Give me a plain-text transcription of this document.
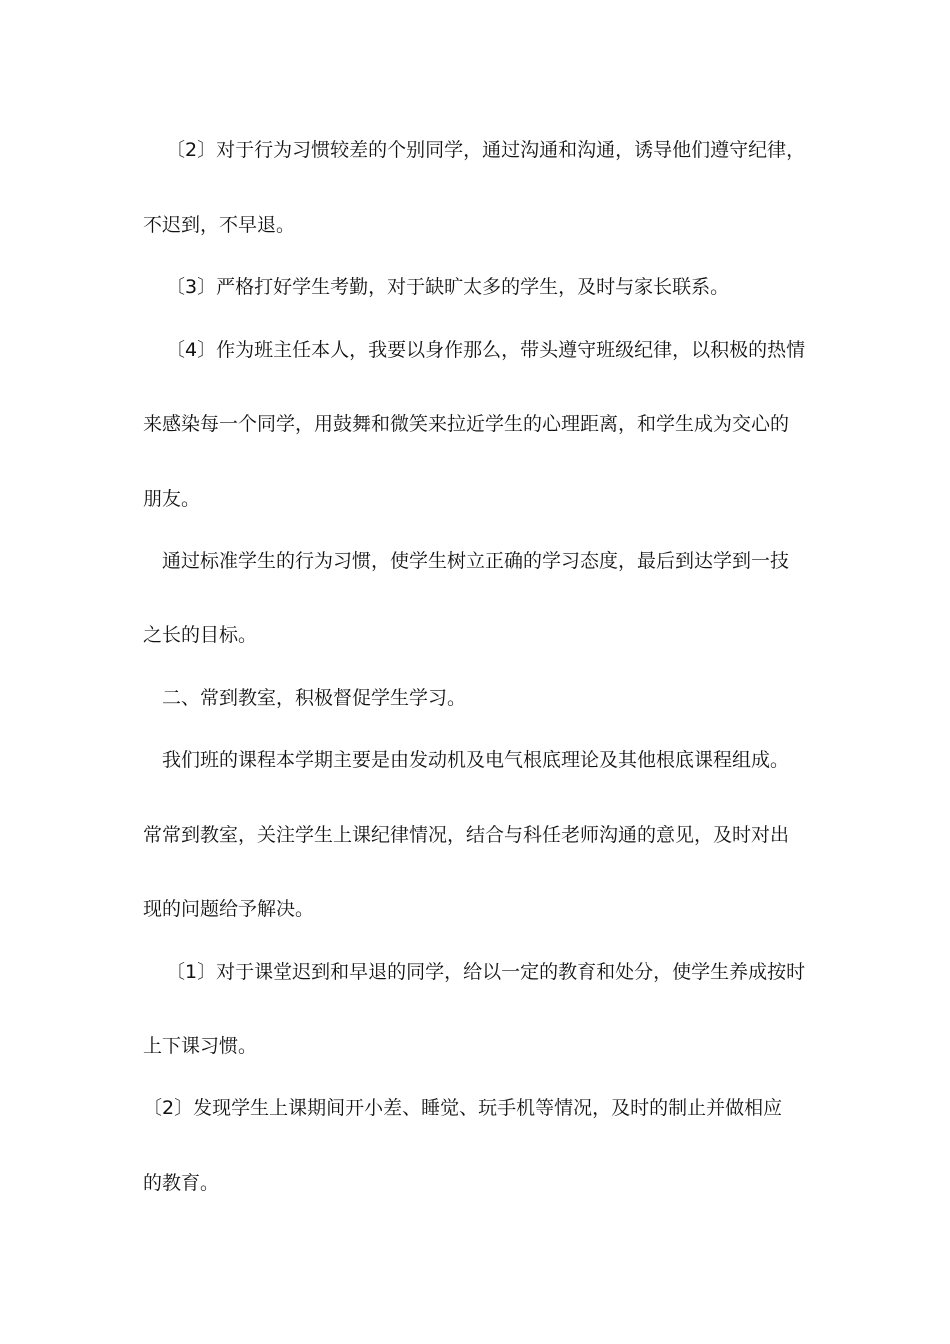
〔2〕对于行为习惯较差的个别同学，通过沟通和沟通，诱导他们遵守纪律，
不迟到，不早退。
〔3〕严格打好学生考勤，对于缺旷太多的学生，及时与家长联系。
〔4〕作为班主任本人，我要以身作那么，带头遵守班级纪律，以积极的热情
来感染每一个同学，用鼓舞和微笑来拉近学生的心理距离，和学生成为交心的
朋友。
通过标准学生的行为习惯，使学生树立正确的学习态度，最后到达学到一技
之长的目标。
二、常到教室，积极督促学生学习。
我们班的课程本学期主要是由发动机及电气根底理论及其他根底课程组成。
常常到教室，关注学生上课纪律情况，结合与科任老师沟通的意见，及时对出
现的问题给予解决。
〔1〕对于课堂迟到和早退的同学，给以一定的教育和处分，使学生养成按时
上下课习惯。
〔2〕发现学生上课期间开小差、睡觉、玩手机等情况，及时的制止并做相应
的教育。
